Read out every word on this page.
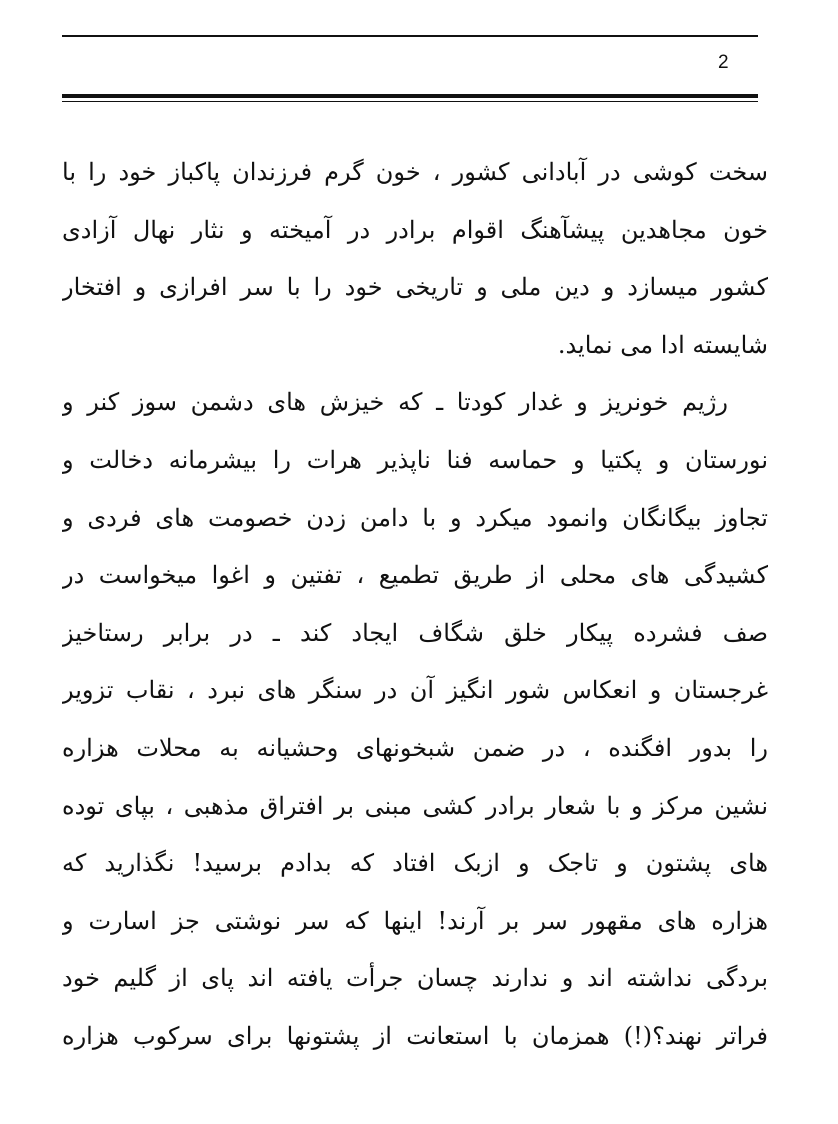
2
سخت کوشی در آبادانی کشور ، خون گرم فرزندان پاکباز خود را با
خون مجاهدین پیشآهنگ اقوام برادر در آمیخته و نثار نهال آزادی
کشور میسازد و دین ملی و تاریخی خود را با سر افرازی و افتخار
شایسته ادا می نماید.
رژیم خونریز و غدار کودتا ـ که خیزش های دشمن سوز کنر و
نورستان و پکتیا و حماسه فنا ناپذیر هرات را بیشرمانه دخالت و
تجاوز بیگانگان وانمود میکرد و با دامن زدن خصومت های فردی و
کشیدگی های محلی از طریق تطمیع ، تفتین و اغوا میخواست در
صف فشرده پیکار خلق شگاف ایجاد کند ـ در برابر رستاخیز
غرجستان و انعکاس شور انگیز آن در سنگر های نبرد ، نقاب تزویر
را بدور افگنده ، در ضمن شبخونهای وحشیانه به محلات هزاره
نشین مرکز و با شعار برادر کشی مبنی بر افتراق مذهبی ، بپای توده
های پشتون و تاجک و ازبک افتاد که بدادم برسید! نگذارید که
هزاره های مقهور سر بر آرند! اینها که سر نوشتی جز اسارت و
بردگی نداشته اند و ندارند چسان جرأت یافته اند پای از گلیم خود
فراتر نهند؟(!) همزمان با استعانت از پشتونها برای سرکوب هزاره
